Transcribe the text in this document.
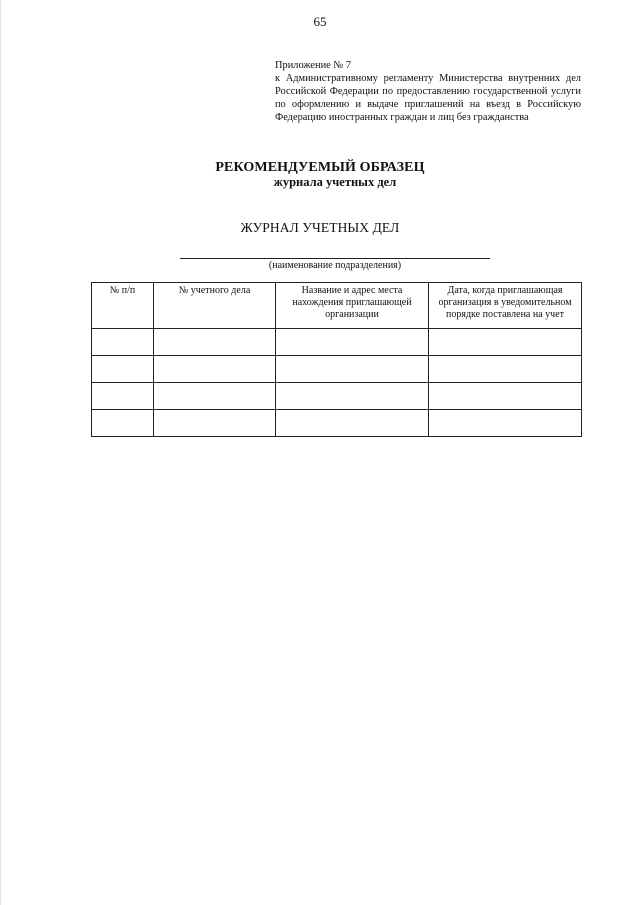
65
Приложение № 7
к Административному регламенту Министерства внутренних дел Российской Федерации по предоставлению государственной услуги по оформлению и выдаче приглашений на въезд в Российскую Федерацию иностранных граждан и лиц без гражданства
РЕКОМЕНДУЕМЫЙ ОБРАЗЕЦ
журнала учетных дел
ЖУРНАЛ УЧЕТНЫХ ДЕЛ
(наименование подразделения)
№ п/п	№ учетного дела	Название и адрес места нахождения приглашающей организации	Дата, когда приглашающая организация в уведомительном порядке поставлена на учет
